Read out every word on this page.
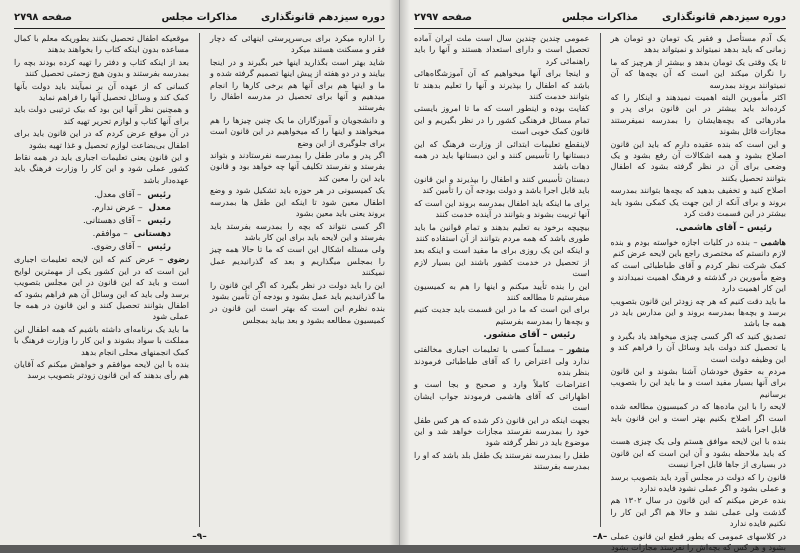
دوره سیزدهم قانونگذاری
مذاکرات مجلس
صفحه ۲۷۹۸

را اداره میکرد برای بی‌سرپرستی اینهائی که دچار فقر و مسکنت هستند میکرد

شاید بهتر است بگذارید اینها خیر بگیرند و در اینجا بیایند و در دو هفته از پیش اینها تصمیم گرفته شده و ما و اینها هم برای آنها هم برخی کارها را انجام میدهیم و آنها برای تحصیل در مدرسه اطفال را بفرستند

و دانشجویان و آموزگاران ما یک چنین چیزها را هم میخواهند و اینها را که میخواهیم در این قانون است برای جلوگیری از این وضع

اگر پدر و مادر طفل را بمدرسه نفرستادند و بتواند بفرستد و نفرستد تکلیف آنها چه خواهد بود و قانون باید این را معین کند

یک کمیسیونی در هر حوزه باید تشکیل شود و وضع اطفال معین شود تا اینکه این طفل ها بمدرسه بروند یعنی باید معین بشود

اگر کسی نتواند که بچه را بمدرسه بفرستد باید بفرستد و این لایحه باید برای این کار باشد

ولی مسئله اشکال این است که ما تا حالا همه چیز را بمجلس میگذاریم و بعد که گذرانیدیم عمل نمیکنند

این را باید دولت در نظر بگیرد که اگر این قانون را ما گذرانیدیم باید عمل بشود و بودجه آن تأمین بشود

بنده نظرم این است که بهتر است این قانون در کمیسیون مطالعه بشود و بعد بیاید بمجلس

موقعیکه اطفال تحصیل بکنند بطوریکه معلم با کمال مساعده بدون اینکه کتاب را بخواهند بدهند

بعد از اینکه کتاب و دفتر را تهیه کرده بودند بچه را بمدرسه بفرستند و بدون هیچ زحمتی تحصیل کنند

کسانی که از عهده آن بر نمیآیند باید دولت بآنها کمک کند و وسائل تحصیل آنها را فراهم نماید

و همچنین نظر آنها این بود که بیک ترتیبی دولت باید برای آنها کتاب و لوازم تحریر تهیه کند

در آن موقع عرض کردم که در این قانون باید برای اطفال بی‌بضاعت لوازم تحصیل و غذا تهیه بشود

و این قانون یعنی تعلیمات اجباری باید در همه نقاط کشور عملی شود و این کار را وزارت فرهنگ باید عهده‌دار باشد

رئیس
– آقای معدل.
معدل
– عرض ندارم.
رئیس
– آقای دهستانی.
دهستانی
– موافقم.
رئیس
– آقای رضوی.

رضوی – عرض کنم که این لایحه تعلیمات اجباری این است که در این کشور یکی از مهمترین لوایح است و باید که این قانون در این مجلس بتصویب برسد ولی باید که این وسائل آن هم فراهم بشود که اطفال بتوانند تحصیل کنند و این قانون در همه جا عملی شود

ما باید یک برنامه‌ای داشته باشیم که همه اطفال این مملکت با سواد بشوند و این کار را وزارت فرهنگ با کمک انجمنهای محلی انجام بدهد

بنده با این لایحه موافقم و خواهش میکنم که آقایان هم رأی بدهند که این قانون زودتر بتصویب برسد

–۹–
دوره سیزدهم قانونگذاری
مذاکرات مجلس
صفحه ۲۷۹۷

یک آدم مستأصل و فقیر یک تومان دو تومان هر زمانی که باید بدهد نمیتواند و نمیتواند بدهد

تا یک وقتی یک تومان بدهد و بیشتر از هرچیز که ما را نگران میکند این است که آن بچه‌ها که آن نمیتوانند بروند بمدرسه

اکثر مأمورین البته اهمیت نمیدهند و اینکار را که کرده‌اند باید بیشتر در این قانون برای پدر و مادرهائی که بچه‌هایشان را بمدرسه نمیفرستند مجازات قائل بشوند

و این است که بنده عقیده دارم که باید این قانون اصلاح بشود و همه اشکالات آن رفع بشود و یک وضعی برای آن در نظر گرفته بشود که اطفال بتوانند تحصیل بکنند

اصلاح کنید و تخفیف بدهید که بچه‌ها بتوانند بمدرسه بروند و برای آنکه از این جهت یک کمکی بشود باید بیشتر در این قسمت دقت کرد

رئیس – آقای هاشمی.

هاشمی – بنده در کلیات اجازه خواسته بودم و بنده لازم دانستم که مختصری راجع باین لایحه عرض کنم

کمک شرکت نظر کردم و آقای طباطبائی است که وضع مأمورین در گذشته و فرهنگ اهمیت نمیدادند و این کار اهمیت دارد

ما باید دقت کنیم که هر چه زودتر این قانون بتصویب برسد و بچه‌ها بمدرسه بروند و این مدارس باید در همه جا باشد

تصدیق کنید که اگر کسی چیزی میخواهد یاد بگیرد و یا تحصیل کند دولت باید وسائل آن را فراهم کند و این وظیفه دولت است

مردم به حقوق خودشان آشنا بشوند و این قانون برای آنها بسیار مفید است و ما باید این را بتصویب برسانیم

لایحه را با این ماده‌ها که در کمیسیون مطالعه شده است اگر اصلاح بکنیم بهتر است و این قانون باید قابل اجرا باشد

بنده با این لایحه موافق هستم ولی یک چیزی هست که باید ملاحظه بشود و آن این است که این قانون در بسیاری از جاها قابل اجرا نیست

قانون را که دولت در مجلس آورد باید بتصویب برسد و عملی بشود و اگر عملی نشود فایده ندارد

بنده عرض میکنم که این قانون در سال ۱۳۰۲ هم گذشت ولی عملی نشد و حالا هم اگر این کار را نکنیم فایده ندارد

در کلاسهای عمومی که بطور قطع این قانون عملی بشود و هر کس که بچه‌اش را نفرستد مجازات بشود

عمومی چندین چندین سال است ملت ایران آماده تحصیل است و دارای استعداد هستند و آنها را باید راهنمائی کرد

و اینجا برای آنها میخواهیم که آن آموزشگاه‌هائی باشد که اطفال را بپذیرند و آنها را تعلیم بدهند تا بتوانند خدمت کنند

کفایت بوده و اینطور است که ما تا امروز بایستی تمام مسائل فرهنگی کشور را در نظر بگیریم و این قانون کمک خوبی است

لاینقطع تعلیمات ابتدائی از وزارت فرهنگ که این دبستانها را تأسیس کنند و این دبستانها باید در همه دهات باشد

دبستان تأسیس کنند و اطفال را بپذیرند و این قانون باید قابل اجرا باشد و دولت بودجه آن را تأمین کند

برای ما اینکه باید اطفال بمدرسه بروند این است که آنها تربیت بشوند و بتوانند در آینده خدمت کنند

بیچیچه برخود به تعلیم بدهند و تمام قوانین ما باید طوری باشد که همه مردم بتوانند از آن استفاده کنند

و اینکه این یک روزی برای ما مفید است و اینکه بعد از تحصیل در خدمت کشور باشند این بسیار لازم است

این را بنده تأیید میکنم و اینها را هم به کمیسیون میفرستیم تا مطالعه کنند

برای این است که ما در این قسمت باید جدیت کنیم و بچه‌ها را بمدرسه بفرستیم

رئیس – آقای منشور.

منشور – مسلماً کسی با تعلیمات اجباری مخالفتی ندارد ولی اعتراض را که آقای طباطبائی فرمودند بنظر بنده

اعتراضات کاملاً وارد و صحیح و بجا است و اظهاراتی که آقای هاشمی فرمودند جواب ایشان است

بجهت اینکه در این قانون ذکر شده که هر کس طفل خود را بمدرسه نفرستد مجازات خواهد شد و این موضوع باید در نظر گرفته شود

طفل را بمدرسه نفرستند یک طفل بلد باشد که او را بمدرسه بفرستند

–۸–
